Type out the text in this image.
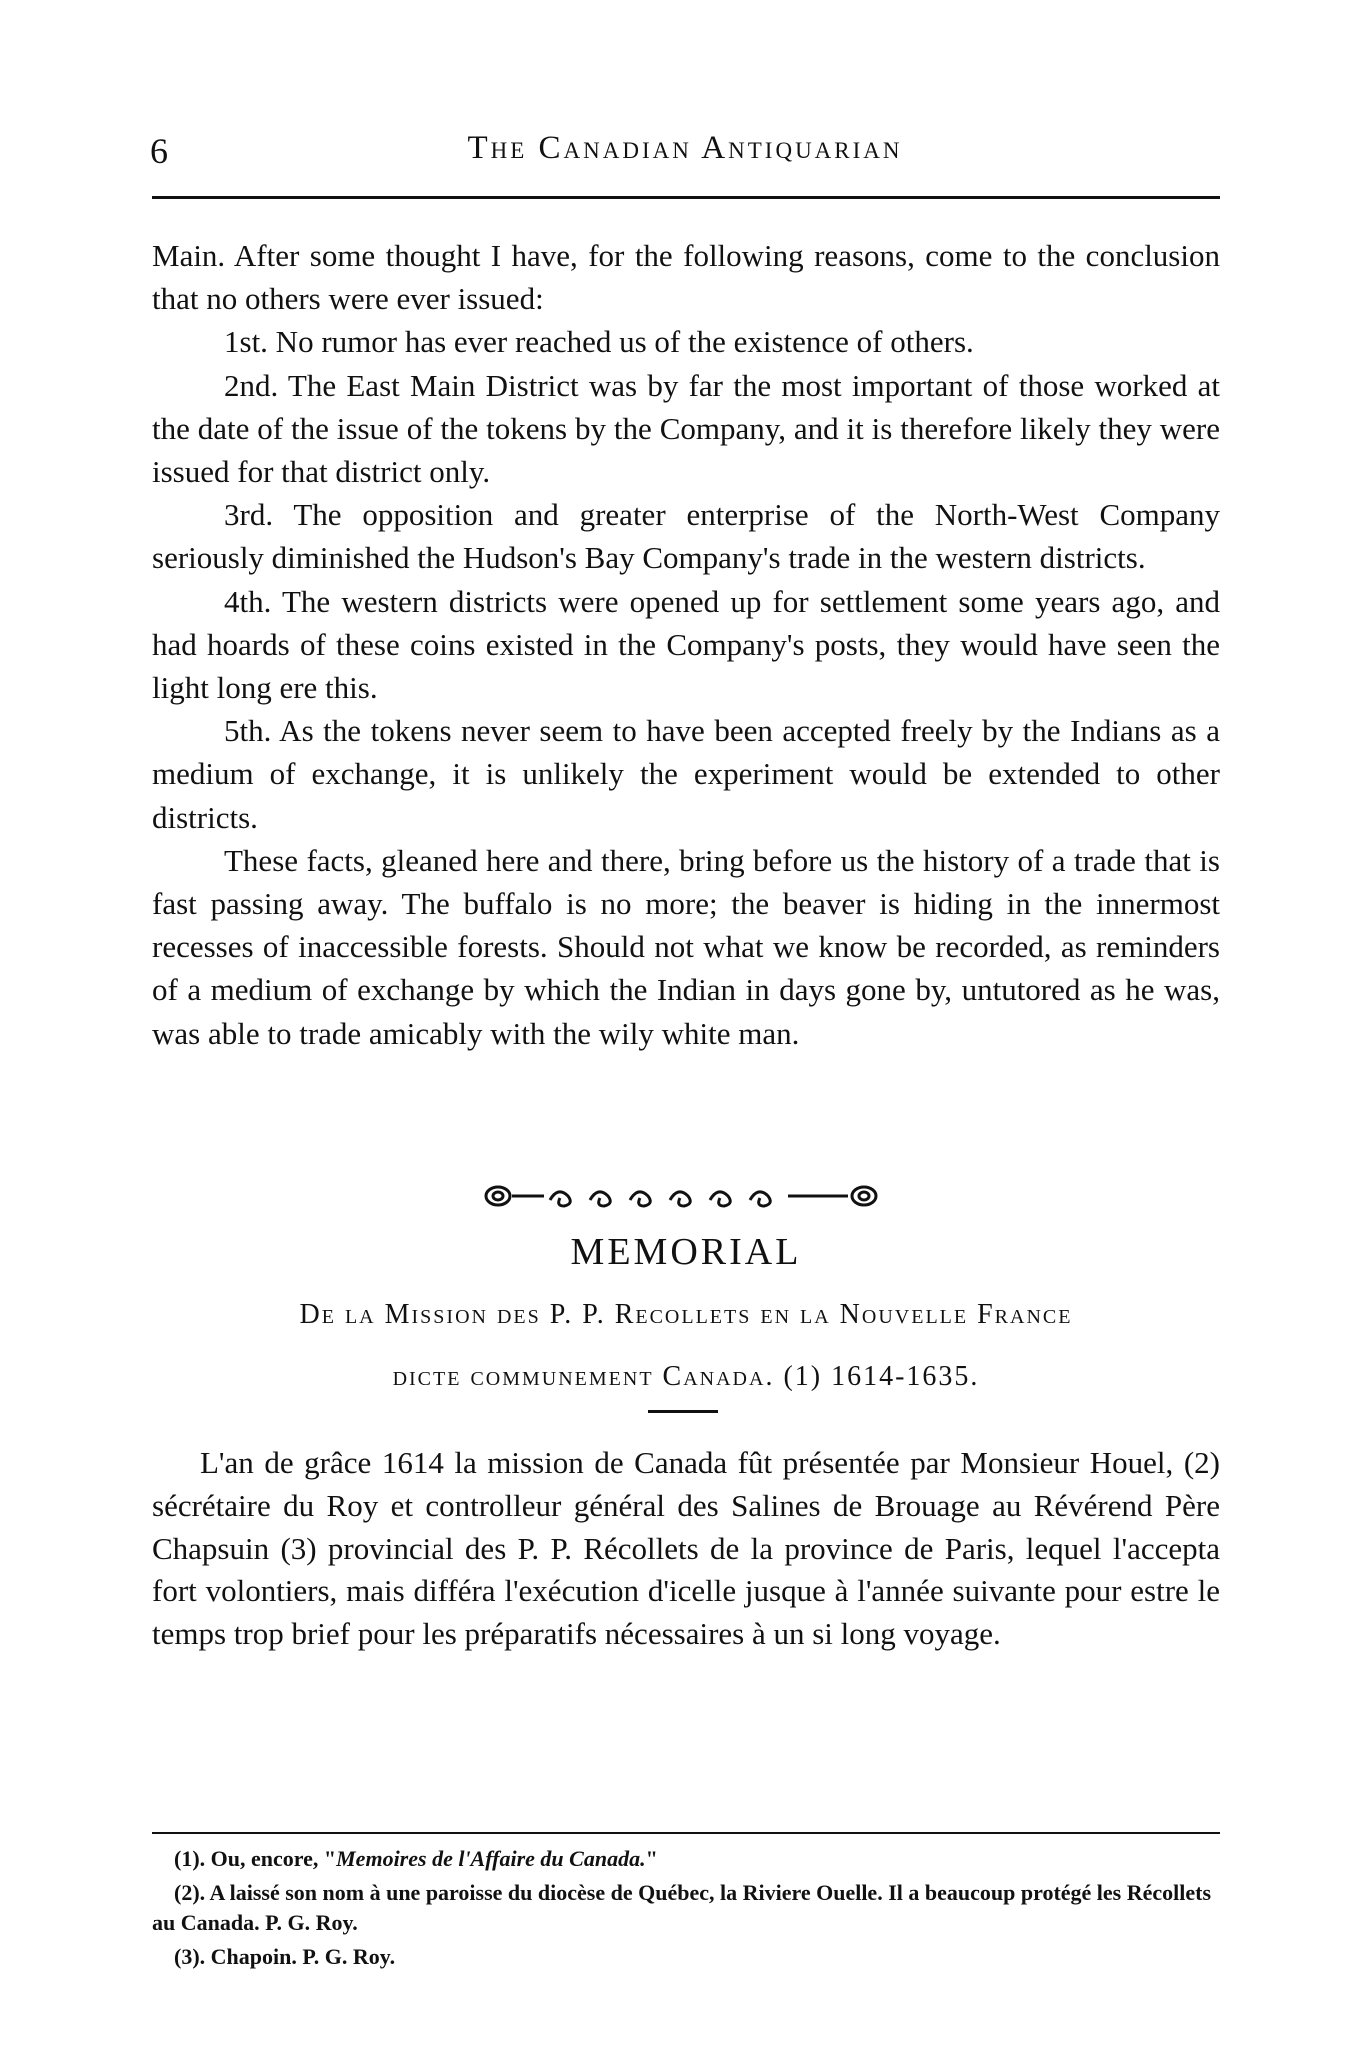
6	The Canadian Antiquarian

Main. After some thought I have, for the following reasons, come to the conclusion that no others were ever issued:

1st. No rumor has ever reached us of the existence of others.

2nd. The East Main District was by far the most important of those worked at the date of the issue of the tokens by the Company, and it is therefore likely they were issued for that district only.

3rd. The opposition and greater enterprise of the North-West Company seriously diminished the Hudson's Bay Company's trade in the western districts.

4th. The western districts were opened up for settlement some years ago, and had hoards of these coins existed in the Company's posts, they would have seen the light long ere this.

5th. As the tokens never seem to have been accepted freely by the Indians as a medium of exchange, it is unlikely the experiment would be extended to other districts.

These facts, gleaned here and there, bring before us the history of a trade that is fast passing away. The buffalo is no more; the beaver is hiding in the innermost recesses of inaccessible forests. Should not what we know be recorded, as reminders of a medium of exchange by which the Indian in days gone by, untutored as he was, was able to trade amicably with the wily white man.

MEMORIAL
De la Mission des P. P. Recollets en la Nouvelle France
dicte communement Canada. (1) 1614-1635.

L'an de grâce 1614 la mission de Canada fût présentée par Monsieur Houel, (2) sécrétaire du Roy et controlleur général des Salines de Brouage au Révérend Père Chapsuin (3) provincial des P. P. Récollets de la province de Paris, lequel l'accepta fort volontiers, mais différa l'exécution d'icelle jusque à l'année suivante pour estre le temps trop brief pour les préparatifs nécessaires à un si long voyage.

(1). Ou, encore, "Memoires de l'Affaire du Canada."

(2). A laissé son nom à une paroisse du diocèse de Québec, la Riviere Ouelle. Il a beaucoup protégé les Récollets au Canada. P. G. Roy.

(3). Chapoin. P. G. Roy.
